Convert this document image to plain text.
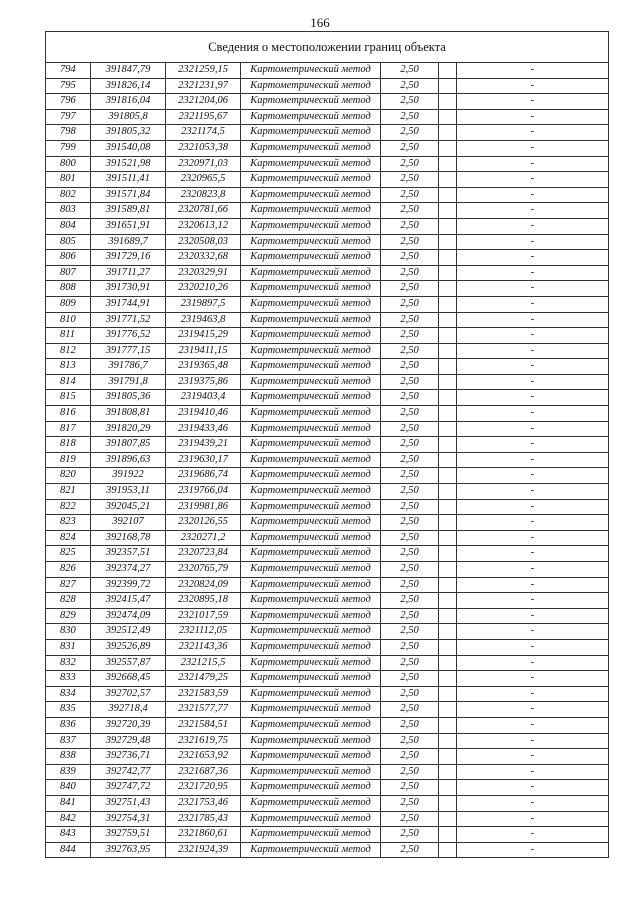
166
Сведения о местоположении границ объекта						
794	391847,79	2321259,15	Картометрический метод	2,50		-
795	391826,14	2321231,97	Картометрический метод	2,50		-
796	391816,04	2321204,06	Картометрический метод	2,50		-
797	391805,8	2321195,67	Картометрический метод	2,50		-
798	391805,32	2321174,5	Картометрический метод	2,50		-
799	391540,08	2321053,38	Картометрический метод	2,50		-
800	391521,98	2320971,03	Картометрический метод	2,50		-
801	391511,41	2320965,5	Картометрический метод	2,50		-
802	391571,84	2320823,8	Картометрический метод	2,50		-
803	391589,81	2320781,66	Картометрический метод	2,50		-
804	391651,91	2320613,12	Картометрический метод	2,50		-
805	391689,7	2320508,03	Картометрический метод	2,50		-
806	391729,16	2320332,68	Картометрический метод	2,50		-
807	391711,27	2320329,91	Картометрический метод	2,50		-
808	391730,91	2320210,26	Картометрический метод	2,50		-
809	391744,91	2319897,5	Картометрический метод	2,50		-
810	391771,52	2319463,8	Картометрический метод	2,50		-
811	391776,52	2319415,29	Картометрический метод	2,50		-
812	391777,15	2319411,15	Картометрический метод	2,50		-
813	391786,7	2319365,48	Картометрический метод	2,50		-
814	391791,8	2319375,86	Картометрический метод	2,50		-
815	391805,36	2319403,4	Картометрический метод	2,50		-
816	391808,81	2319410,46	Картометрический метод	2,50		-
817	391820,29	2319433,46	Картометрический метод	2,50		-
818	391807,85	2319439,21	Картометрический метод	2,50		-
819	391896,63	2319630,17	Картометрический метод	2,50		-
820	391922	2319686,74	Картометрический метод	2,50		-
821	391953,11	2319766,04	Картометрический метод	2,50		-
822	392045,21	2319981,86	Картометрический метод	2,50		-
823	392107	2320126,55	Картометрический метод	2,50		-
824	392168,78	2320271,2	Картометрический метод	2,50		-
825	392357,51	2320723,84	Картометрический метод	2,50		-
826	392374,27	2320765,79	Картометрический метод	2,50		-
827	392399,72	2320824,09	Картометрический метод	2,50		-
828	392415,47	2320895,18	Картометрический метод	2,50		-
829	392474,09	2321017,59	Картометрический метод	2,50		-
830	392512,49	2321112,05	Картометрический метод	2,50		-
831	392526,89	2321143,36	Картометрический метод	2,50		-
832	392557,87	2321215,5	Картометрический метод	2,50		-
833	392668,45	2321479,25	Картометрический метод	2,50		-
834	392702,57	2321583,59	Картометрический метод	2,50		-
835	392718,4	2321577,77	Картометрический метод	2,50		-
836	392720,39	2321584,51	Картометрический метод	2,50		-
837	392729,48	2321619,75	Картометрический метод	2,50		-
838	392736,71	2321653,92	Картометрический метод	2,50		-
839	392742,77	2321687,36	Картометрический метод	2,50		-
840	392747,72	2321720,95	Картометрический метод	2,50		-
841	392751,43	2321753,46	Картометрический метод	2,50		-
842	392754,31	2321785,43	Картометрический метод	2,50		-
843	392759,51	2321860,61	Картометрический метод	2,50		-
844	392763,95	2321924,39	Картометрический метод	2,50		-
